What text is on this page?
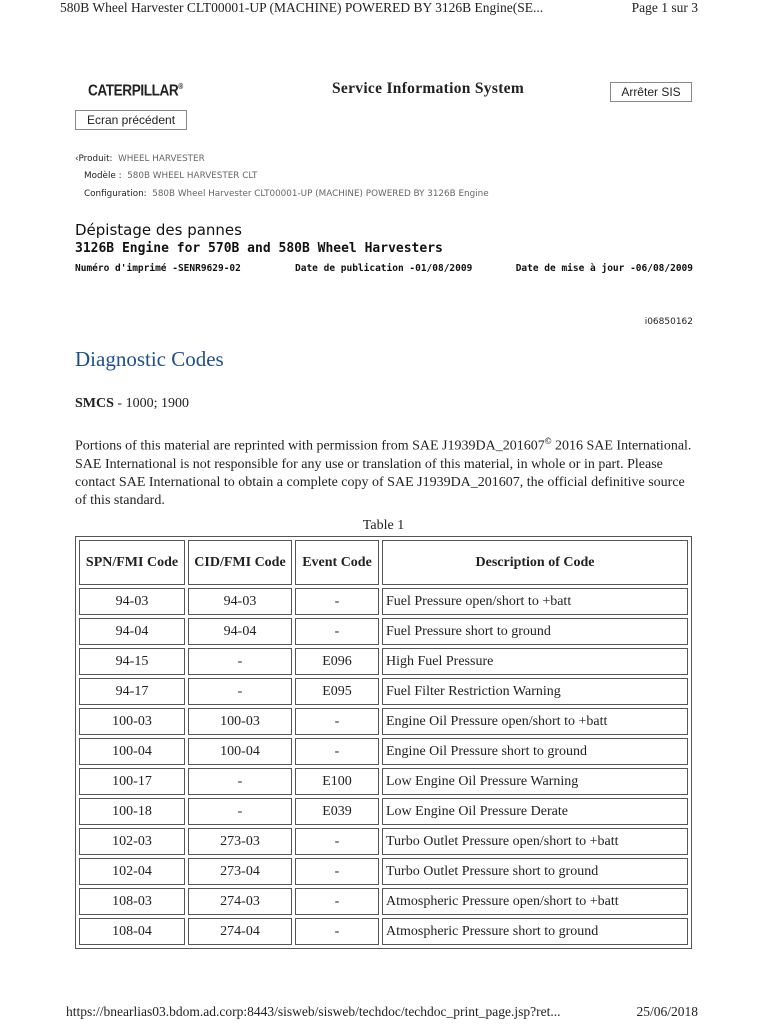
580B Wheel Harvester CLT00001-UP (MACHINE) POWERED BY 3126B Engine(SE...	Page 1 sur 3
CATERPILLAR®	Service Information System	Arrêter SIS
Ecran précédent
‹Produit: WHEEL HARVESTER
Modèle : 580B WHEEL HARVESTER CLT
Configuration: 580B Wheel Harvester CLT00001-UP (MACHINE) POWERED BY 3126B Engine
Dépistage des pannes
3126B Engine for 570B and 580B Wheel Harvesters
Numéro d'imprimé -SENR9629-02	Date de publication -01/08/2009	Date de mise à jour -06/08/2009
i06850162
Diagnostic Codes
SMCS - 1000; 1900
Portions of this material are reprinted with permission from SAE J1939DA_201607© 2016 SAE International. SAE International is not responsible for any use or translation of this material, in whole or in part. Please contact SAE International to obtain a complete copy of SAE J1939DA_201607, the official definitive source of this standard.
Table 1
SPN/FMI Code	CID/FMI Code	Event Code	Description of Code
94-03	94-03	-	Fuel Pressure open/short to +batt
94-04	94-04	-	Fuel Pressure short to ground
94-15	-	E096	High Fuel Pressure
94-17	-	E095	Fuel Filter Restriction Warning
100-03	100-03	-	Engine Oil Pressure open/short to +batt
100-04	100-04	-	Engine Oil Pressure short to ground
100-17	-	E100	Low Engine Oil Pressure Warning
100-18	-	E039	Low Engine Oil Pressure Derate
102-03	273-03	-	Turbo Outlet Pressure open/short to +batt
102-04	273-04	-	Turbo Outlet Pressure short to ground
108-03	274-03	-	Atmospheric Pressure open/short to +batt
108-04	274-04	-	Atmospheric Pressure short to ground
https://bnearlias03.bdom.ad.corp:8443/sisweb/sisweb/techdoc/techdoc_print_page.jsp?ret...	25/06/2018
